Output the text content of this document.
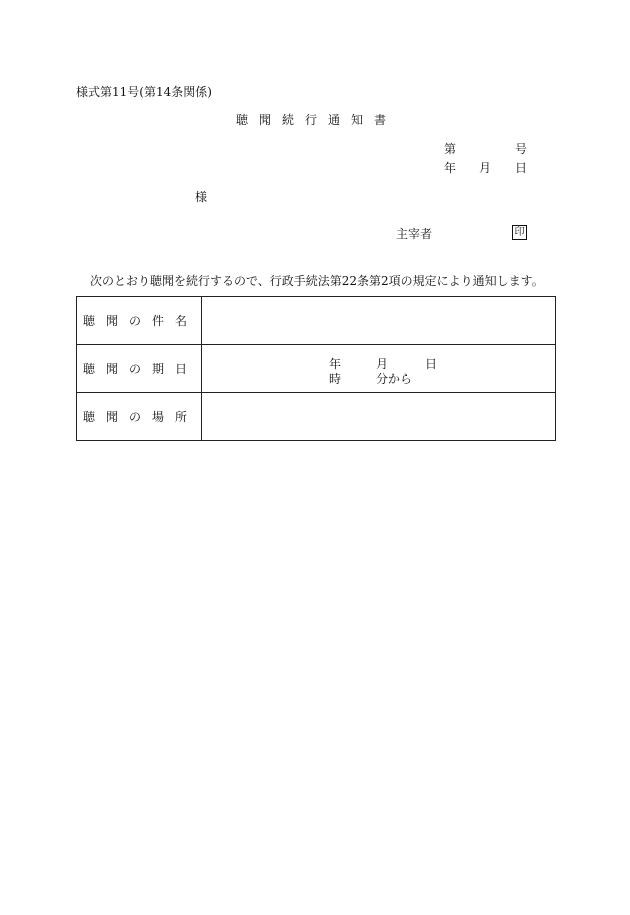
様式第11号(第14条関係)
聴聞続行通知書
第	号
年 月 日
様
主宰者	印
次のとおり聴聞を続行するので、行政手続法第22条第2項の規定により通知します。
聴聞の件名	
聴聞の期日	年 月 日
時 分から

聴聞の場所	
